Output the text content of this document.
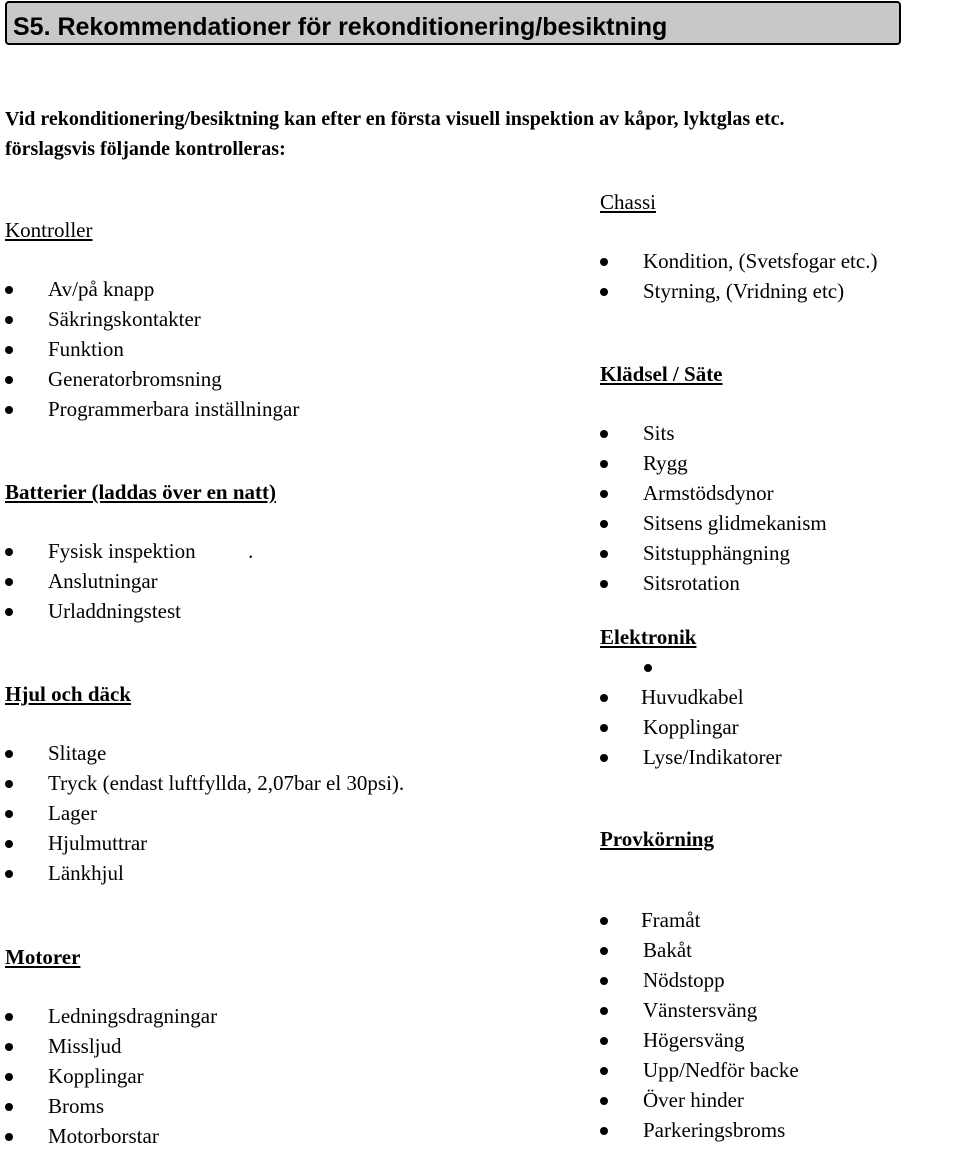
S5. Rekommendationer för rekonditionering/besiktning
Vid rekonditionering/besiktning kan efter en första visuell inspektion av kåpor, lyktglas etc.
förslagsvis följande kontrolleras:
Kontroller
Av/på knapp
Säkringskontakter
Funktion
Generatorbromsning
Programmerbara inställningar
Batterier (laddas över en natt)
Fysisk inspektion          .
Anslutningar
Urladdningstest
Hjul och däck
Slitage
Tryck (endast luftfyllda, 2,07bar el 30psi).
Lager
Hjulmuttrar
Länkhjul
Motorer
Ledningsdragningar
Missljud
Kopplingar
Broms
Motorborstar
Chassi
Kondition, (Svetsfogar etc.)
Styrning, (Vridning etc)
Klädsel / Säte
Sits
Rygg
Armstödsdynor
Sitsens glidmekanism
Sitstupphängning
Sitsrotation
Elektronik
Huvudkabel
Kopplingar
Lyse/Indikatorer
Provkörning
Framåt
Bakåt
Nödstopp
Vänstersväng
Högersväng
Upp/Nedför backe
Över hinder
Parkeringsbroms
